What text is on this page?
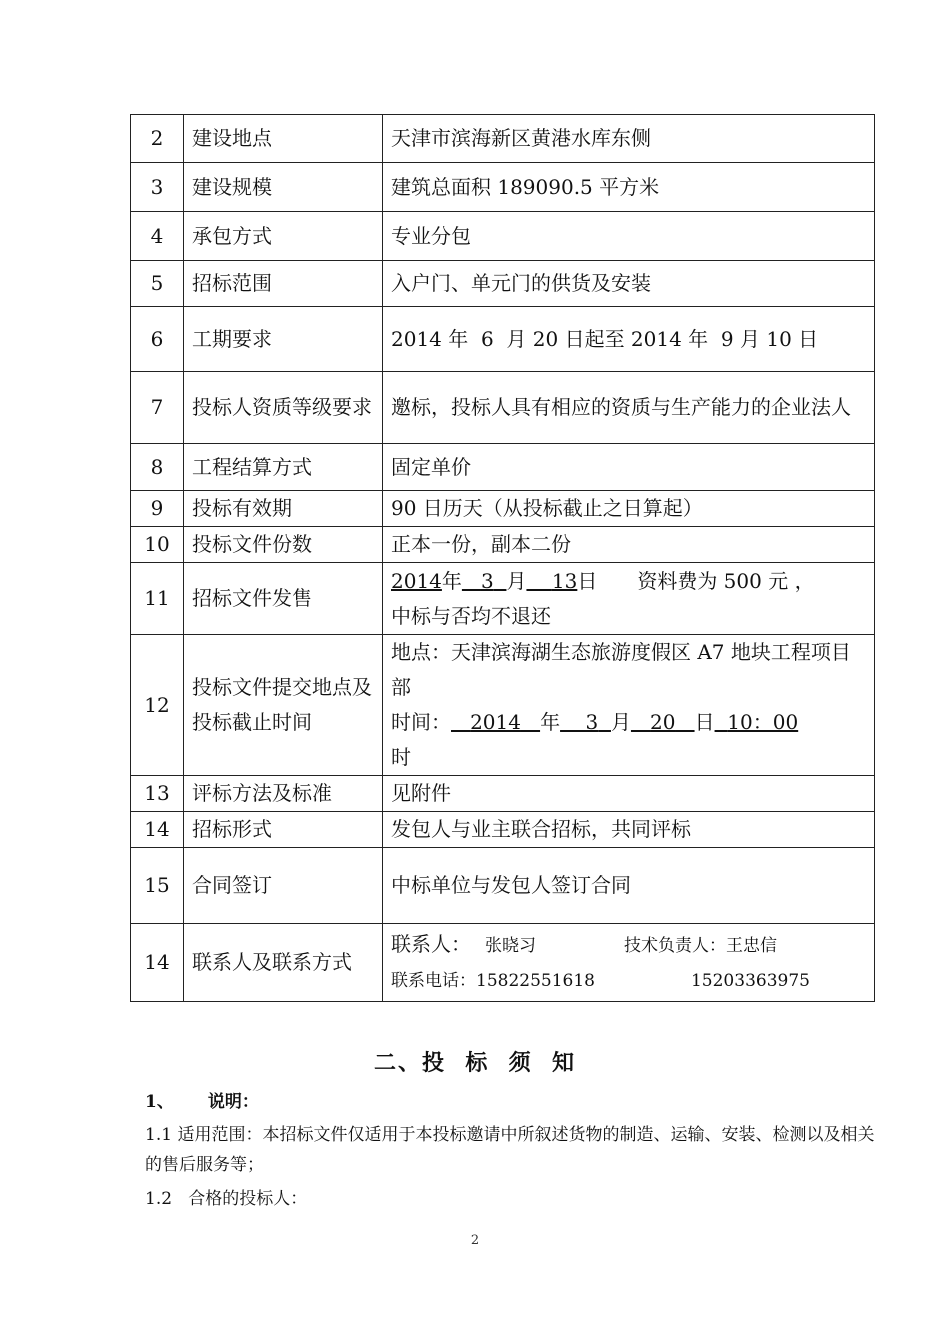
2	建设地点	天津市滨海新区黄港水库东侧
3	建设规模	建筑总面积 189090.5 平方米
4	承包方式	专业分包
5	招标范围	入户门、单元门的供货及安装
6	工期要求	2014 年  6  月 20 日起至 2014 年  9 月 10 日
7	投标人资质等级要求	邀标，投标人具有相应的资质与生产能力的企业法人
8	工程结算方式	固定单价
9	投标有效期	90 日历天（从投标截止之日算起）
10	投标文件份数	正本一份，副本二份
11	招标文件发售	2014年 3 月 13日 资料费为 500 元 ，
中标与否均不退还

12	投标文件提交地点及投标截止时间	地点：天津滨海湖生态旅游度假区 A7 地块工程项目部
时间： 2014 年 3 月 20 日 10：00
时

13	评标方法及标准	见附件
14	招标形式	发包人与业主联合招标，共同评标
15	合同签订	中标单位与发包人签订合同
14	联系人及联系方式	联系人： 张晓习 技术负责人：王忠信
联系电话：15822551618 15203363975
二、投  标  须  知
1、 说明：
1.1 适用范围：本招标文件仅适用于本投标邀请中所叙述货物的制造、运输、安装、检测以及相关的售后服务等；
1.2   合格的投标人：
2
